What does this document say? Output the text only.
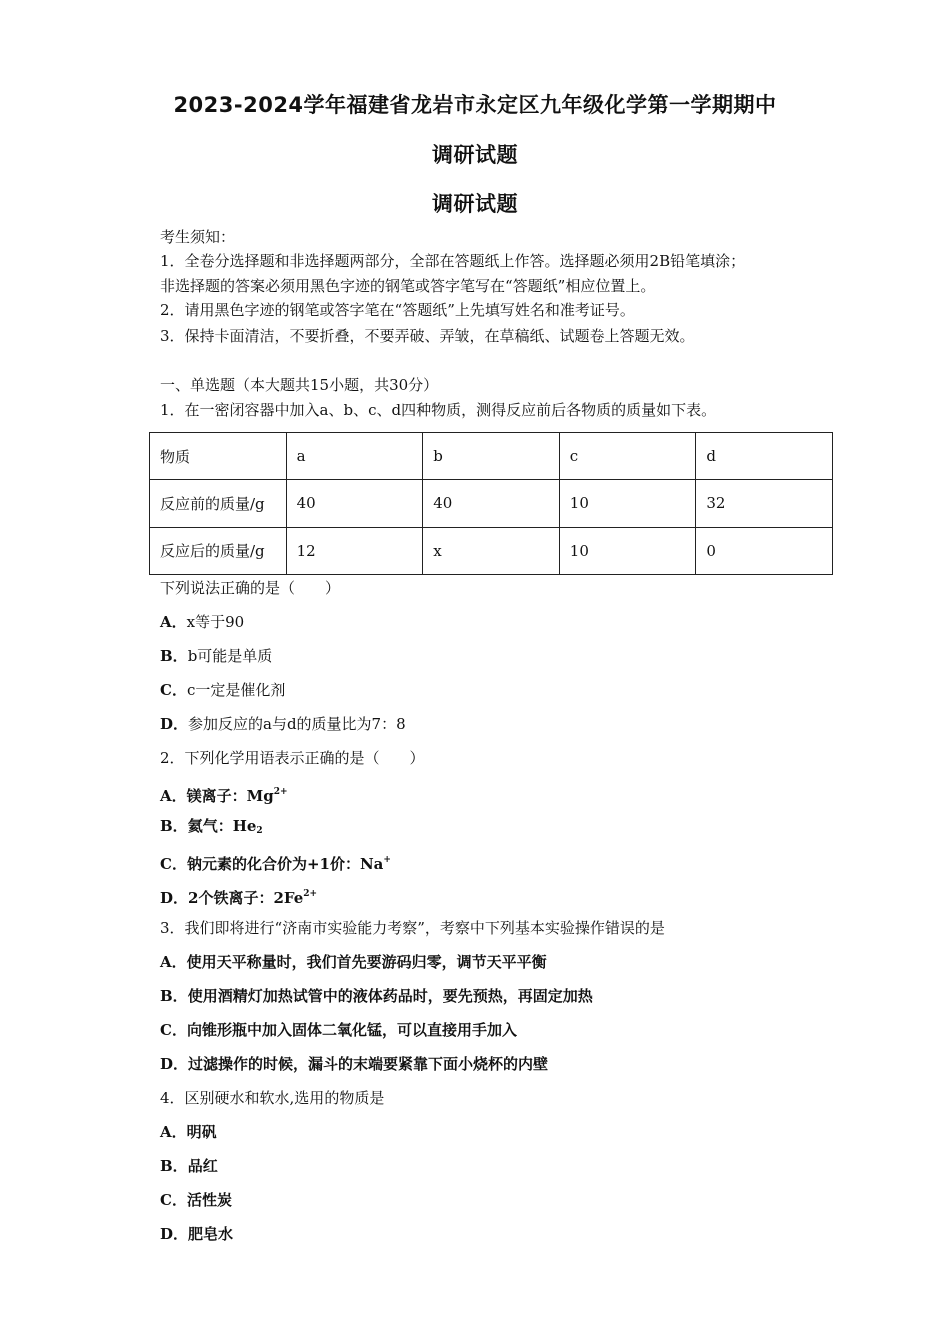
2023-2024学年福建省龙岩市永定区九年级化学第一学期期中
调研试题
调研试题
考生须知：
1．全卷分选择题和非选择题两部分，全部在答题纸上作答。选择题必须用2B铅笔填涂；
非选择题的答案必须用黑色字迹的钢笔或答字笔写在“答题纸”相应位置上。
2．请用黑色字迹的钢笔或答字笔在“答题纸”上先填写姓名和准考证号。
3．保持卡面清洁，不要折叠，不要弄破、弄皱，在草稿纸、试题卷上答题无效。
一、单选题（本大题共15小题，共30分）
1．在一密闭容器中加入a、b、c、d四种物质，测得反应前后各物质的质量如下表。
物质	a	b	c	d
反应前的质量/g	40	40	10	32
反应后的质量/g	12	x	10	0
下列说法正确的是（　　）
A．x等于90
B．b可能是单质
C．c一定是催化剂
D．参加反应的a与d的质量比为7：8
2．下列化学用语表示正确的是（　　）
A．镁离子：$Mg^{2+}$
B．氦气：$He_2$
C．钠元素的化合价为+1价：Na+
D．2个铁离子：$2Fe^{2+}$
3．我们即将进行“济南市实验能力考察”，考察中下列基本实验操作错误的是
A．使用天平称量时，我们首先要游码归零，调节天平平衡
B．使用酒精灯加热试管中的液体药品时，要先预热，再固定加热
C．向锥形瓶中加入固体二氧化锰，可以直接用手加入
D．过滤操作的时候，漏斗的末端要紧靠下面小烧杯的内壁
4．区别硬水和软水,选用的物质是
A．明矾
B．品红
C．活性炭
D．肥皂水
